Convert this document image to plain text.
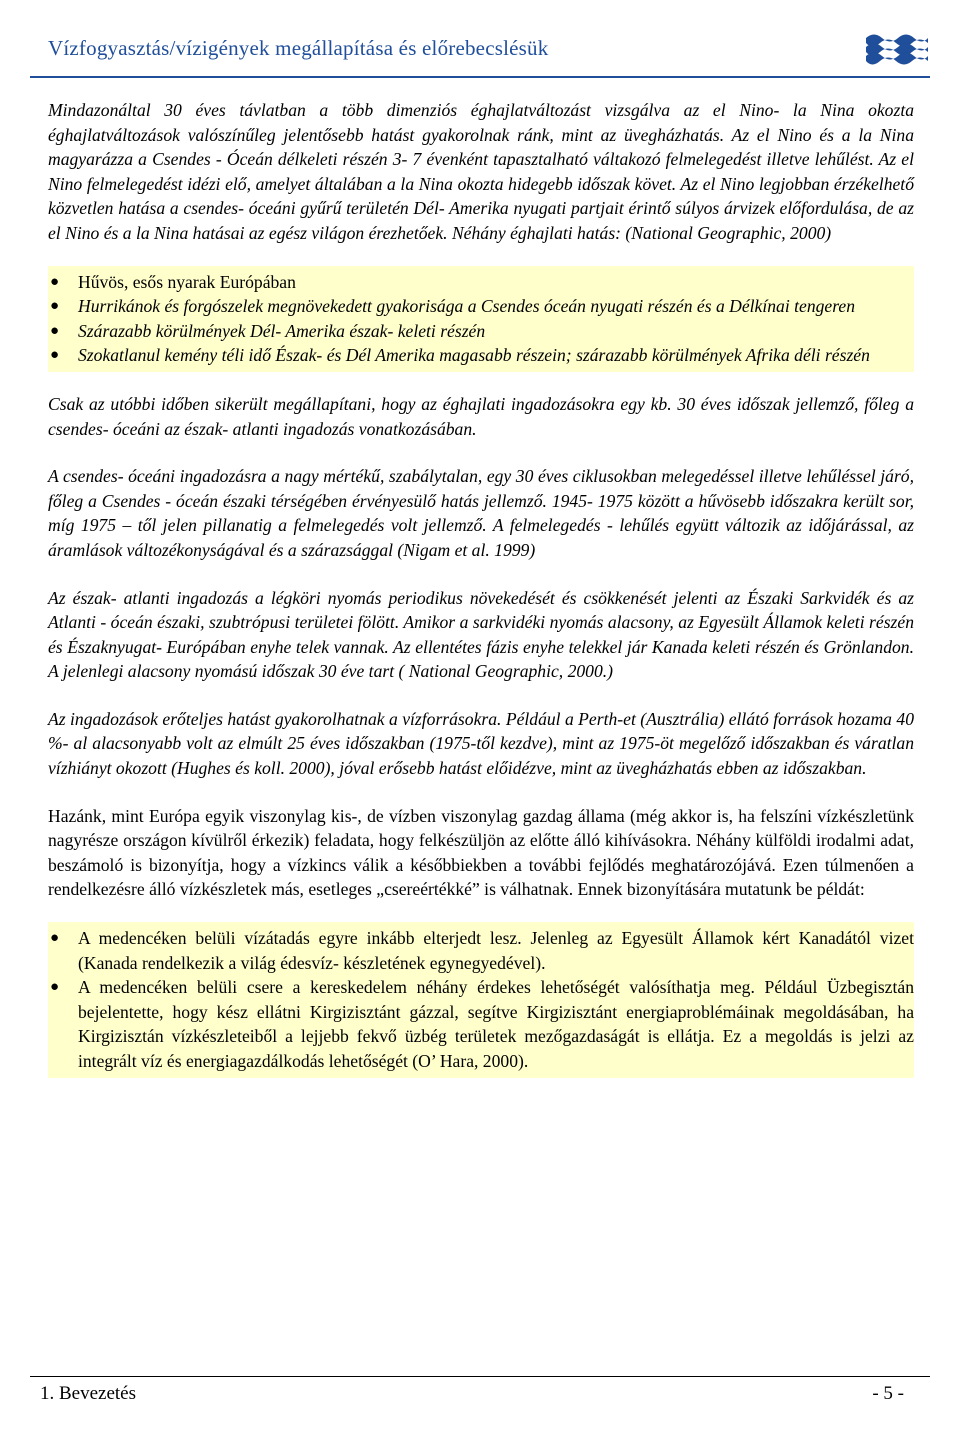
Vízfogyasztás/vízigények megállapítása és előrebecslésük

Mindazonáltal 30 éves távlatban a több dimenziós éghajlatváltozást vizsgálva az el Nino- la Nina okozta éghajlatváltozások valószínűleg jelentősebb hatást gyakorolnak ránk, mint az üvegházhatás. Az el Nino és a la Nina magyarázza a Csendes - Óceán délkeleti részén 3- 7 évenként tapasztalható váltakozó felmelegedést illetve lehűlést. Az el Nino felmelegedést idézi elő, amelyet általában a la Nina okozta hidegebb időszak követ. Az el Nino legjobban érzékelhető közvetlen hatása a csendes- óceáni gyűrű területén Dél- Amerika nyugati partjait érintő súlyos árvizek előfordulása, de az el Nino és a la Nina hatásai az egész világon érezhetőek. Néhány éghajlati hatás: (National Geographic, 2000)

● Hűvös, esős nyarak Európában
● Hurrikánok és forgószelek megnövekedett gyakorisága a Csendes óceán nyugati részén és a Délkínai tengeren
● Szárazabb körülmények Dél- Amerika észak- keleti részén
● Szokatlanul kemény téli idő Észak- és Dél Amerika magasabb részein; szárazabb körülmények Afrika déli részén

Csak az utóbbi időben sikerült megállapítani, hogy az éghajlati ingadozásokra egy kb. 30 éves időszak jellemző, főleg a csendes- óceáni az észak- atlanti ingadozás vonatkozásában.

A csendes- óceáni ingadozásra a nagy mértékű, szabálytalan, egy 30 éves ciklusokban melegedéssel illetve lehűléssel járó, főleg a Csendes - óceán északi térségében érvényesülő hatás jellemző. 1945- 1975 között a hűvösebb időszakra került sor, míg 1975 – től jelen pillanatig a felmelegedés volt jellemző. A felmelegedés - lehűlés együtt változik az időjárással, az áramlások változékonyságával és a szárazsággal (Nigam et al. 1999)

Az észak- atlanti ingadozás a légköri nyomás periodikus növekedését és csökkenését jelenti az Északi Sarkvidék és az Atlanti - óceán északi, szubtrópusi területei fölött. Amikor a sarkvidéki nyomás alacsony, az Egyesült Államok keleti részén és Északnyugat- Európában enyhe telek vannak. Az ellentétes fázis enyhe telekkel jár Kanada keleti részén és Grönlandon. A jelenlegi alacsony nyomású időszak 30 éve tart ( National Geographic, 2000.)

Az ingadozások erőteljes hatást gyakorolhatnak a vízforrásokra. Például a Perth-et (Ausztrália) ellátó források hozama 40 %- al alacsonyabb volt az elmúlt 25 éves időszakban (1975-től kezdve), mint az 1975-öt megelőző időszakban és váratlan vízhiányt okozott (Hughes és koll. 2000), jóval erősebb hatást előidézve, mint az üvegházhatás ebben az időszakban.

Hazánk, mint Európa egyik viszonylag kis-, de vízben viszonylag gazdag állama (még akkor is, ha felszíni vízkészletünk nagyrésze országon kívülről érkezik) feladata, hogy felkészüljön az előtte álló kihívásokra. Néhány külföldi irodalmi adat, beszámoló is bizonyítja, hogy a vízkincs válik a későbbiekben a további fejlődés meghatározójává. Ezen túlmenően a rendelkezésre álló vízkészletek más, esetleges „csereértékké” is válhatnak. Ennek bizonyítására mutatunk be példát:

● A medencéken belüli vízátadás egyre inkább elterjedt lesz. Jelenleg az Egyesült Államok kért Kanadától vizet (Kanada rendelkezik a világ édesvíz- készletének egynegyedével).
● A medencéken belüli csere a kereskedelem néhány érdekes lehetőségét valósíthatja meg. Például Üzbegisztán bejelentette, hogy kész ellátni Kirgizisztánt gázzal, segítve Kirgizisztánt energiaproblémáinak megoldásában, ha Kirgizisztán vízkészleteiből a lejjebb fekvő üzbég területek mezőgazdaságát is ellátja. Ez a megoldás is jelzi az integrált víz és energiagazdálkodás lehetőségét (O’ Hara, 2000).
1. Bevezetés	- 5 -
